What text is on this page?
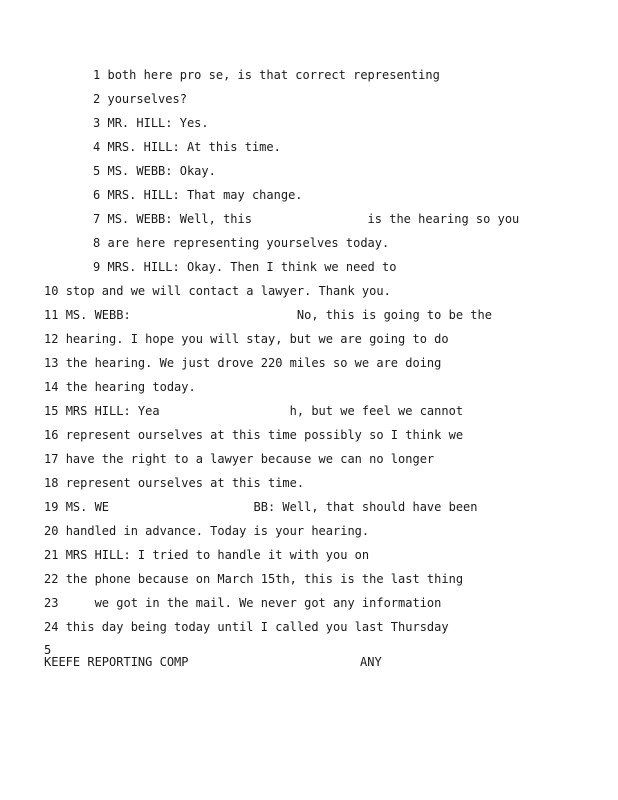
1 both here pro se, is that correct representing
2 yourselves?
3 MR. HILL: Yes.
4 MRS. HILL: At this time.
5 MS. WEBB: Okay.
6 MRS. HILL: That may change.
7 MS. WEBB: Well, this                is the hearing so you
8 are here representing yourselves today.
9 MRS. HILL: Okay. Then I think we need to
10 stop and we will contact a lawyer. Thank you.
11 MS. WEBB:                       No, this is going to be the
12 hearing. I hope you will stay, but we are going to do
13 the hearing. We just drove 220 miles so we are doing
14 the hearing today.
15 MRS HILL: Yea                  h, but we feel we cannot
16 represent ourselves at this time possibly so I think we
17 have the right to a lawyer because we can no longer
18 represent ourselves at this time.
19 MS. WE                    BB: Well, that should have been
20 handled in advance. Today is your hearing.
21 MRS HILL: I tried to handle it with you on
22 the phone because on March 15th, this is the last thing
23     we got in the mail. We never got any information
24 this day being today until I called you last Thursday
5
KEEFE REPORTING COMP	ANY
